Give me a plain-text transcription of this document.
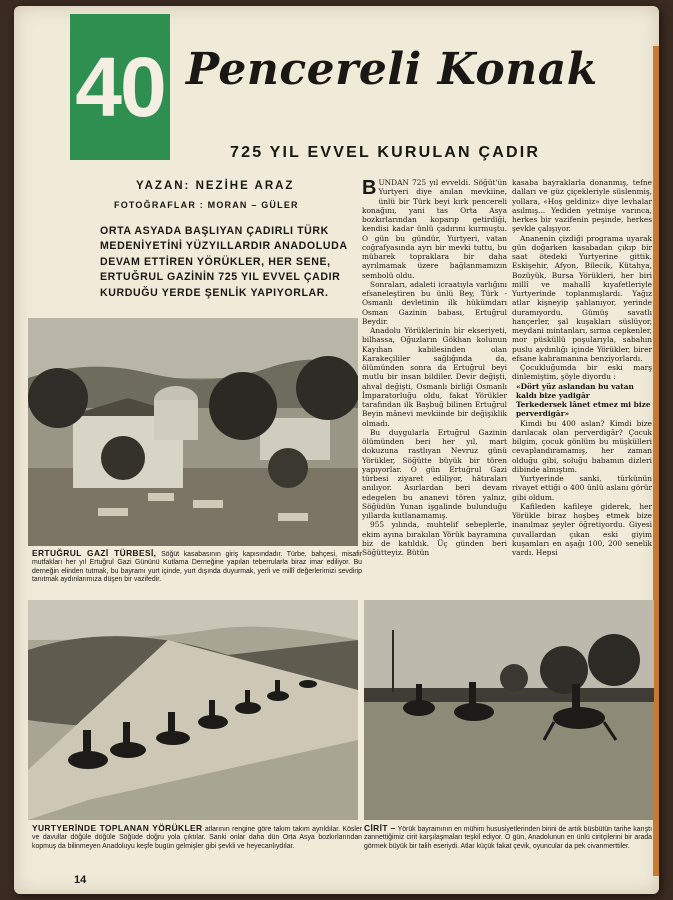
40 Pencereli Konak
725 YIL EVVEL KURULAN ÇADIR
YAZAN: NEZİHE ARAZ
FOTOĞRAFLAR : MORAN – GÜLER
ORTA ASYADA BAŞLIYAN ÇADIRLI TÜRK MEDENİYETİNİ YÜZYILLARDIR ANADOLUDA DEVAM ETTİREN YÖRÜKLER, HER SENE, ERTUĞRUL GAZİNİN 725 YIL EVVEL ÇADIR KURDUĞU YERDE ŞENLİK YAPIYORLAR.

BUNDAN 725 yıl evveldi. Söğüt'ün Yurtyeri diye anılan mevkiine, ünlü bir Türk beyi kırk pencereli konağını, yani tas Orta Asya bozkırlarından koparıp getirdiği, kendisi kadar ünlü çadırını kurmuştu. O gün bu gündür, Yurtyeri, vatan coğrafyasında ayrı bir mevki tuttu, bu mübarek topraklara bir daha ayrılmamak üzere bağlanmamızın sembolü oldu.

Sonraları, adaleti icraatıyla varlığını efsaneleştiren bu ünlü Bey, Türk - Osmanlı devletinin ilk hükümdarı Osman Gazinin babası, Ertuğrul Beydir.

Anadolu Yörüklerinin bir ekseriyeti, bilhassa, Oğuzların Gökhan kolunun Kayıhan kabilesinden olan Karakeçililer sağlığında da, ölümünden sonra da Ertuğrul beyi mutlu bir insan bildiler. Devir değişti, ahval değişti, Osmanlı birliği Osmanlı İmparatorluğu oldu, fakat Yörükler tarafından ilk Başbuğ bilinen Ertuğrul Beyin mânevi mevkiinde bir değişiklik olmadı.

Bu duygularla Ertuğrul Gazinin ölümünden beri her yıl, mart dokuzuna rastlıyan Nevruz günü Yörükler, Söğütte büyük bir tören yapıyorlar. O gün Ertuğrul Gazi türbesi ziyaret ediliyor, hâtıraları anılıyor. Asırlardan beri devam edegelen bu ananevi tören yalnız, Söğüdün Yunan işgalinde bulunduğu yıllarda kutlanamamış.

955 yılında, muhtelif sebeplerle, ekim ayına bırakılan Yörük bayramına biz de katıldık. Üç günden beri Söğütteyiz. Bütün

kasaba bayraklarla donanmış, tefne dalları ve güz çiçekleriyle süslenmiş, yollara, «Hoş geldiniz» diye levhalar asılmış... Yediden yetmişe varınca, herkes bir vazifenin peşinde, herkes şevkle çalışıyor.

Ananenin çizdiği programa uyarak gün doğarken kasabadan çıkıp bir saat ötedeki Yurtyerine gittik. Eskişehir, Afyon, Bilecik, Kütahya, Bozüyük, Bursa Yörükleri, her biri millî ve mahallî kıyafetleriyle Yurtyerinde toplanmışlardı. Yağız atlar kişneyip şahlanıyor, yerinde duramıyordu. Gümüş savatlı hançerler, şal kuşakları süslüyor, meydani mintanları, sırma cepkenler, mor püsküllü poşularıyla, sabahın puslu aydınlığı içinde Yörükler, birer efsane kahramanına benziyorlardı.

Çocukluğumda bir eski marş dinlemiştim, şöyle diyordu :

«Dört yüz aslandan bu vatan kaldı bize yadigâr

Terkedersek lânet etmez mi bize perverdigâr»

Kimdi bu 400 aslan? Kimdi bize darılacak olan perverdigâr? Çocuk bilgim, çocuk gönlüm bu müşkülleri cevaplandıramamış, her zaman olduğu gibi, soluğu babamın dizleri dibinde almıştım.

Yurtyerinde sanki, türkünün rivayet ettiği o 400 ünlü aslanı görür gibi oldum.

Kafileden kafileye giderek, her Yörükle biraz hoşbeş etmek bize inanılmaz şeyler öğretiyordu. Giyesi çuvallardan çıkan eski giyim kuşamları en aşağı 100, 200 senelik vardı. Hepsi

ERTUĞRUL GAZİ TÜRBESİ, Söğüt kasabasının giriş kapısındadır. Türbe, bahçesi, misafir mutfakları her yıl Ertuğrul Gazi Gününü Kutlama Derneğine yapılan teberrularla biraz imar ediliyor. Bu derneğin elinden tutmak, bu bayramı yurt içinde, yurt dışında duyurmak, yerli ve millî değerlerimizi sevdirip tanıtmak aydınlarımıza düşen bir vazifedir.
YURTYERİNDE TOPLANAN YÖRÜKLER atlarının rengine göre takım takım ayrıldılar. Kösler ve davullar döğüle döğüle Söğüde doğru yola çıktılar. Sanki onlar daha dün Orta Asya bozkırlarından kopmuş da bilinmeyen Anadoluyu keşfe bugün gelmişler gibi şevkli ve heyecanlıydılar.
CİRİT – Yörük bayramının en mühim hususiyetlerinden birini de artık büsbütün tarihe karıştı zannettiğimiz cirit karşılaşmaları teşkil ediyor. O gün, Anadolunun en ünlü ciritçilerini bir arada görmek büyük bir talih eseriydi. Atlar küçük fakat çevik, oyuncular da pek civanmerttiler.
14
